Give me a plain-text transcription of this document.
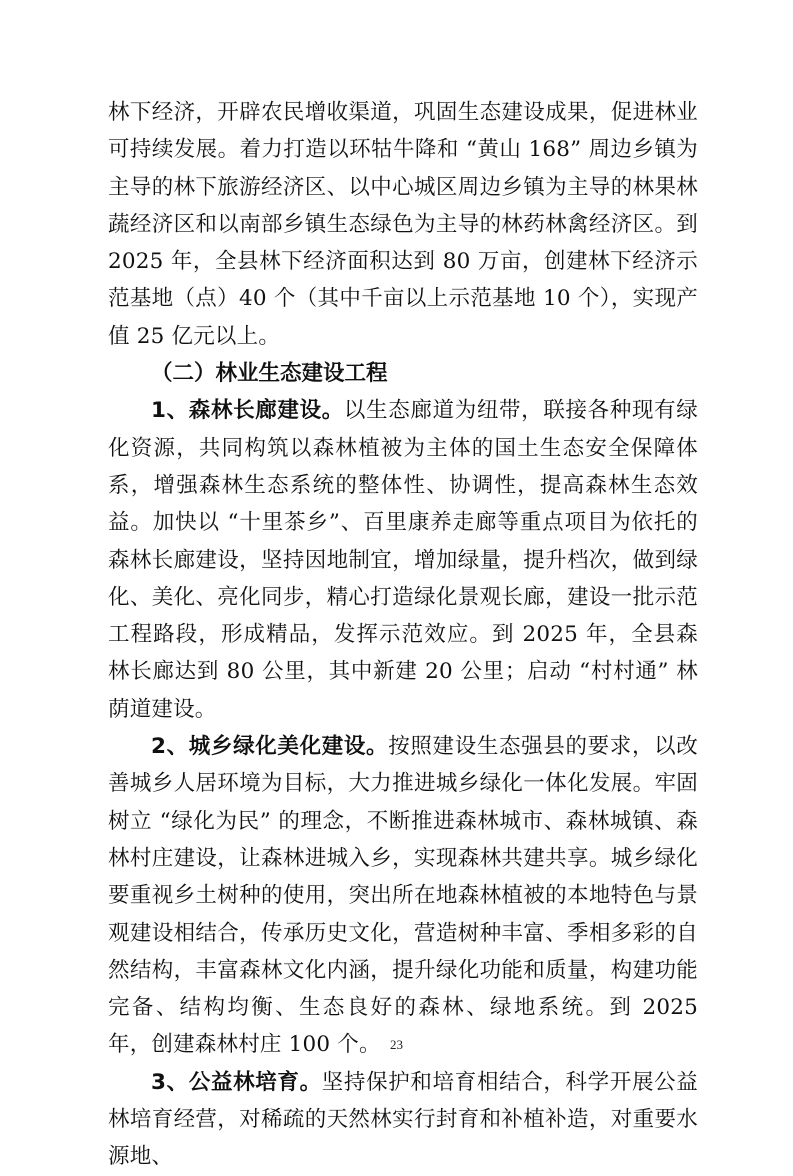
林下经济，开辟农民增收渠道，巩固生态建设成果，促进林业可持续发展。着力打造以环牯牛降和 “黄山 168” 周边乡镇为主导的林下旅游经济区、以中心城区周边乡镇为主导的林果林蔬经济区和以南部乡镇生态绿色为主导的林药林禽经济区。到 2025 年，全县林下经济面积达到 80 万亩，创建林下经济示范基地（点）40 个（其中千亩以上示范基地 10 个），实现产值 25 亿元以上。

（二）林业生态建设工程

1、森林长廊建设。以生态廊道为纽带，联接各种现有绿化资源，共同构筑以森林植被为主体的国土生态安全保障体系，增强森林生态系统的整体性、协调性，提高森林生态效益。加快以 “十里茶乡”、百里康养走廊等重点项目为依托的森林长廊建设，坚持因地制宜，增加绿量，提升档次，做到绿化、美化、亮化同步，精心打造绿化景观长廊，建设一批示范工程路段，形成精品，发挥示范效应。到 2025 年，全县森林长廊达到 80 公里，其中新建 20 公里；启动 “村村通” 林荫道建设。

2、城乡绿化美化建设。按照建设生态强县的要求，以改善城乡人居环境为目标，大力推进城乡绿化一体化发展。牢固树立 “绿化为民” 的理念，不断推进森林城市、森林城镇、森林村庄建设，让森林进城入乡，实现森林共建共享。城乡绿化要重视乡土树种的使用，突出所在地森林植被的本地特色与景观建设相结合，传承历史文化，营造树种丰富、季相多彩的自然结构，丰富森林文化内涵，提升绿化功能和质量，构建功能完备、结构均衡、生态良好的森林、绿地系统。到 2025 年，创建森林村庄 100 个。

3、公益林培育。坚持保护和培育相结合，科学开展公益林培育经营，对稀疏的天然林实行封育和补植补造，对重要水源地、

23
